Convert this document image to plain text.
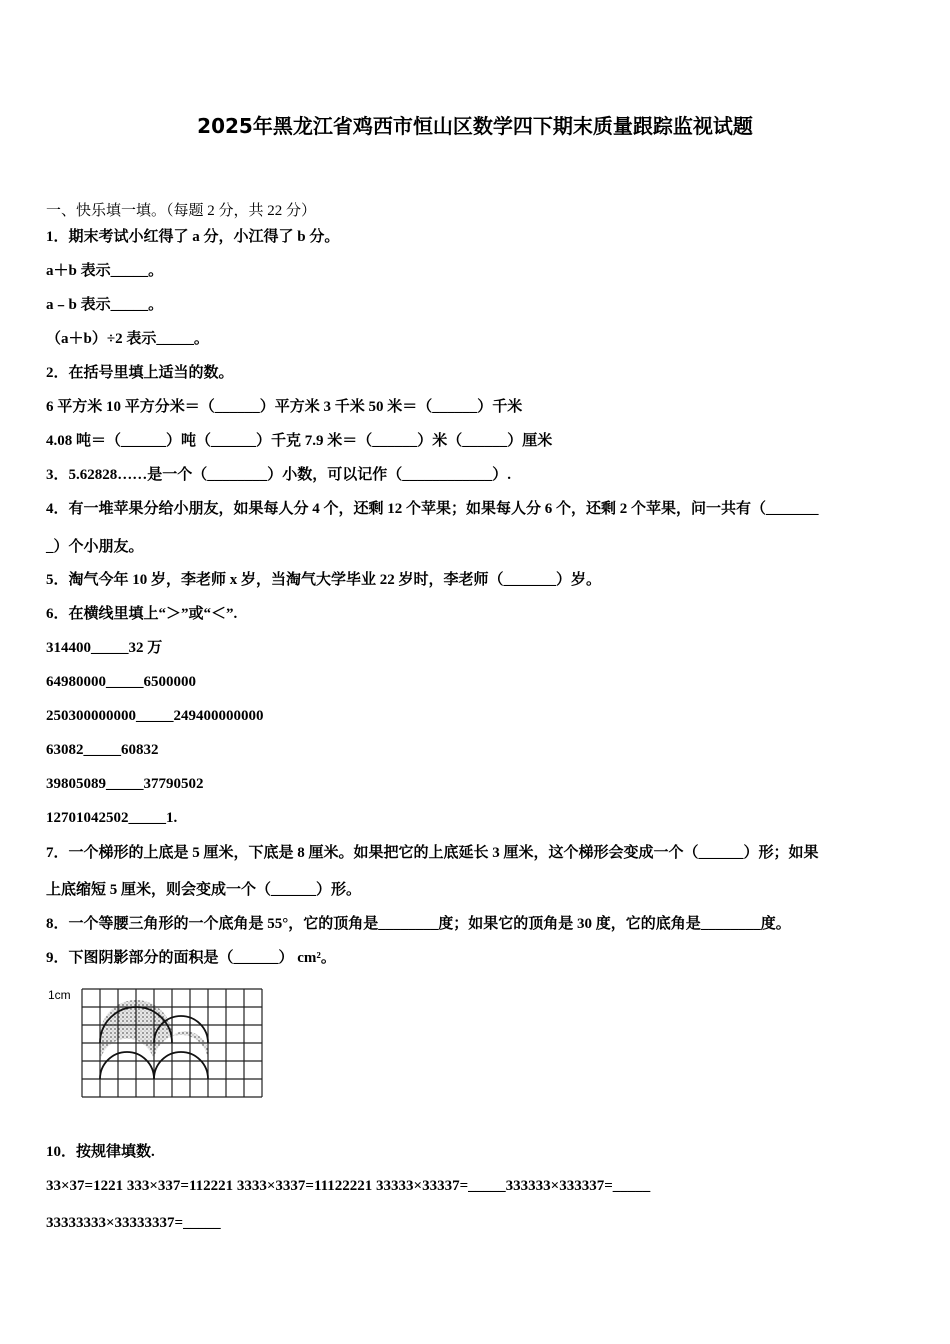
2025年黑龙江省鸡西市恒山区数学四下期末质量跟踪监视试题
一、快乐填一填。（每题 2 分，共 22 分）
1．期末考试小红得了 a 分，小江得了 b 分。
a＋b 表示_____。
a﹣b 表示_____。
（a＋b）÷2 表示_____。
2．在括号里填上适当的数。
6 平方米 10 平方分米＝（______）平方米 3 千米 50 米＝（______）千米
4.08 吨＝（______）吨（______）千克 7.9 米＝（______）米（______）厘米
3．5.62828……是一个（________）小数，可以记作（____________）.
4．有一堆苹果分给小朋友，如果每人分 4 个，还剩 12 个苹果；如果每人分 6 个，还剩 2 个苹果，问一共有（_______
_）个小朋友。
5．淘气今年 10 岁，李老师 x 岁，当淘气大学毕业 22 岁时，李老师（_______）岁。
6．在横线里填上“＞”或“＜”.
314400_____32 万
64980000_____6500000
250300000000_____249400000000
63082_____60832
39805089_____37790502
12701042502_____1.
7．一个梯形的上底是 5 厘米，下底是 8 厘米。如果把它的上底延长 3 厘米，这个梯形会变成一个（______）形；如果
上底缩短 5 厘米，则会变成一个（______）形。
8．一个等腰三角形的一个底角是 55°，它的顶角是________度；如果它的顶角是 30 度，它的底角是________度。
9．下图阴影部分的面积是（______） cm²。
1cm
10．按规律填数.
33×37=1221 333×337=112221 3333×3337=11122221 33333×33337=_____333333×333337=_____
33333333×33333337=_____
